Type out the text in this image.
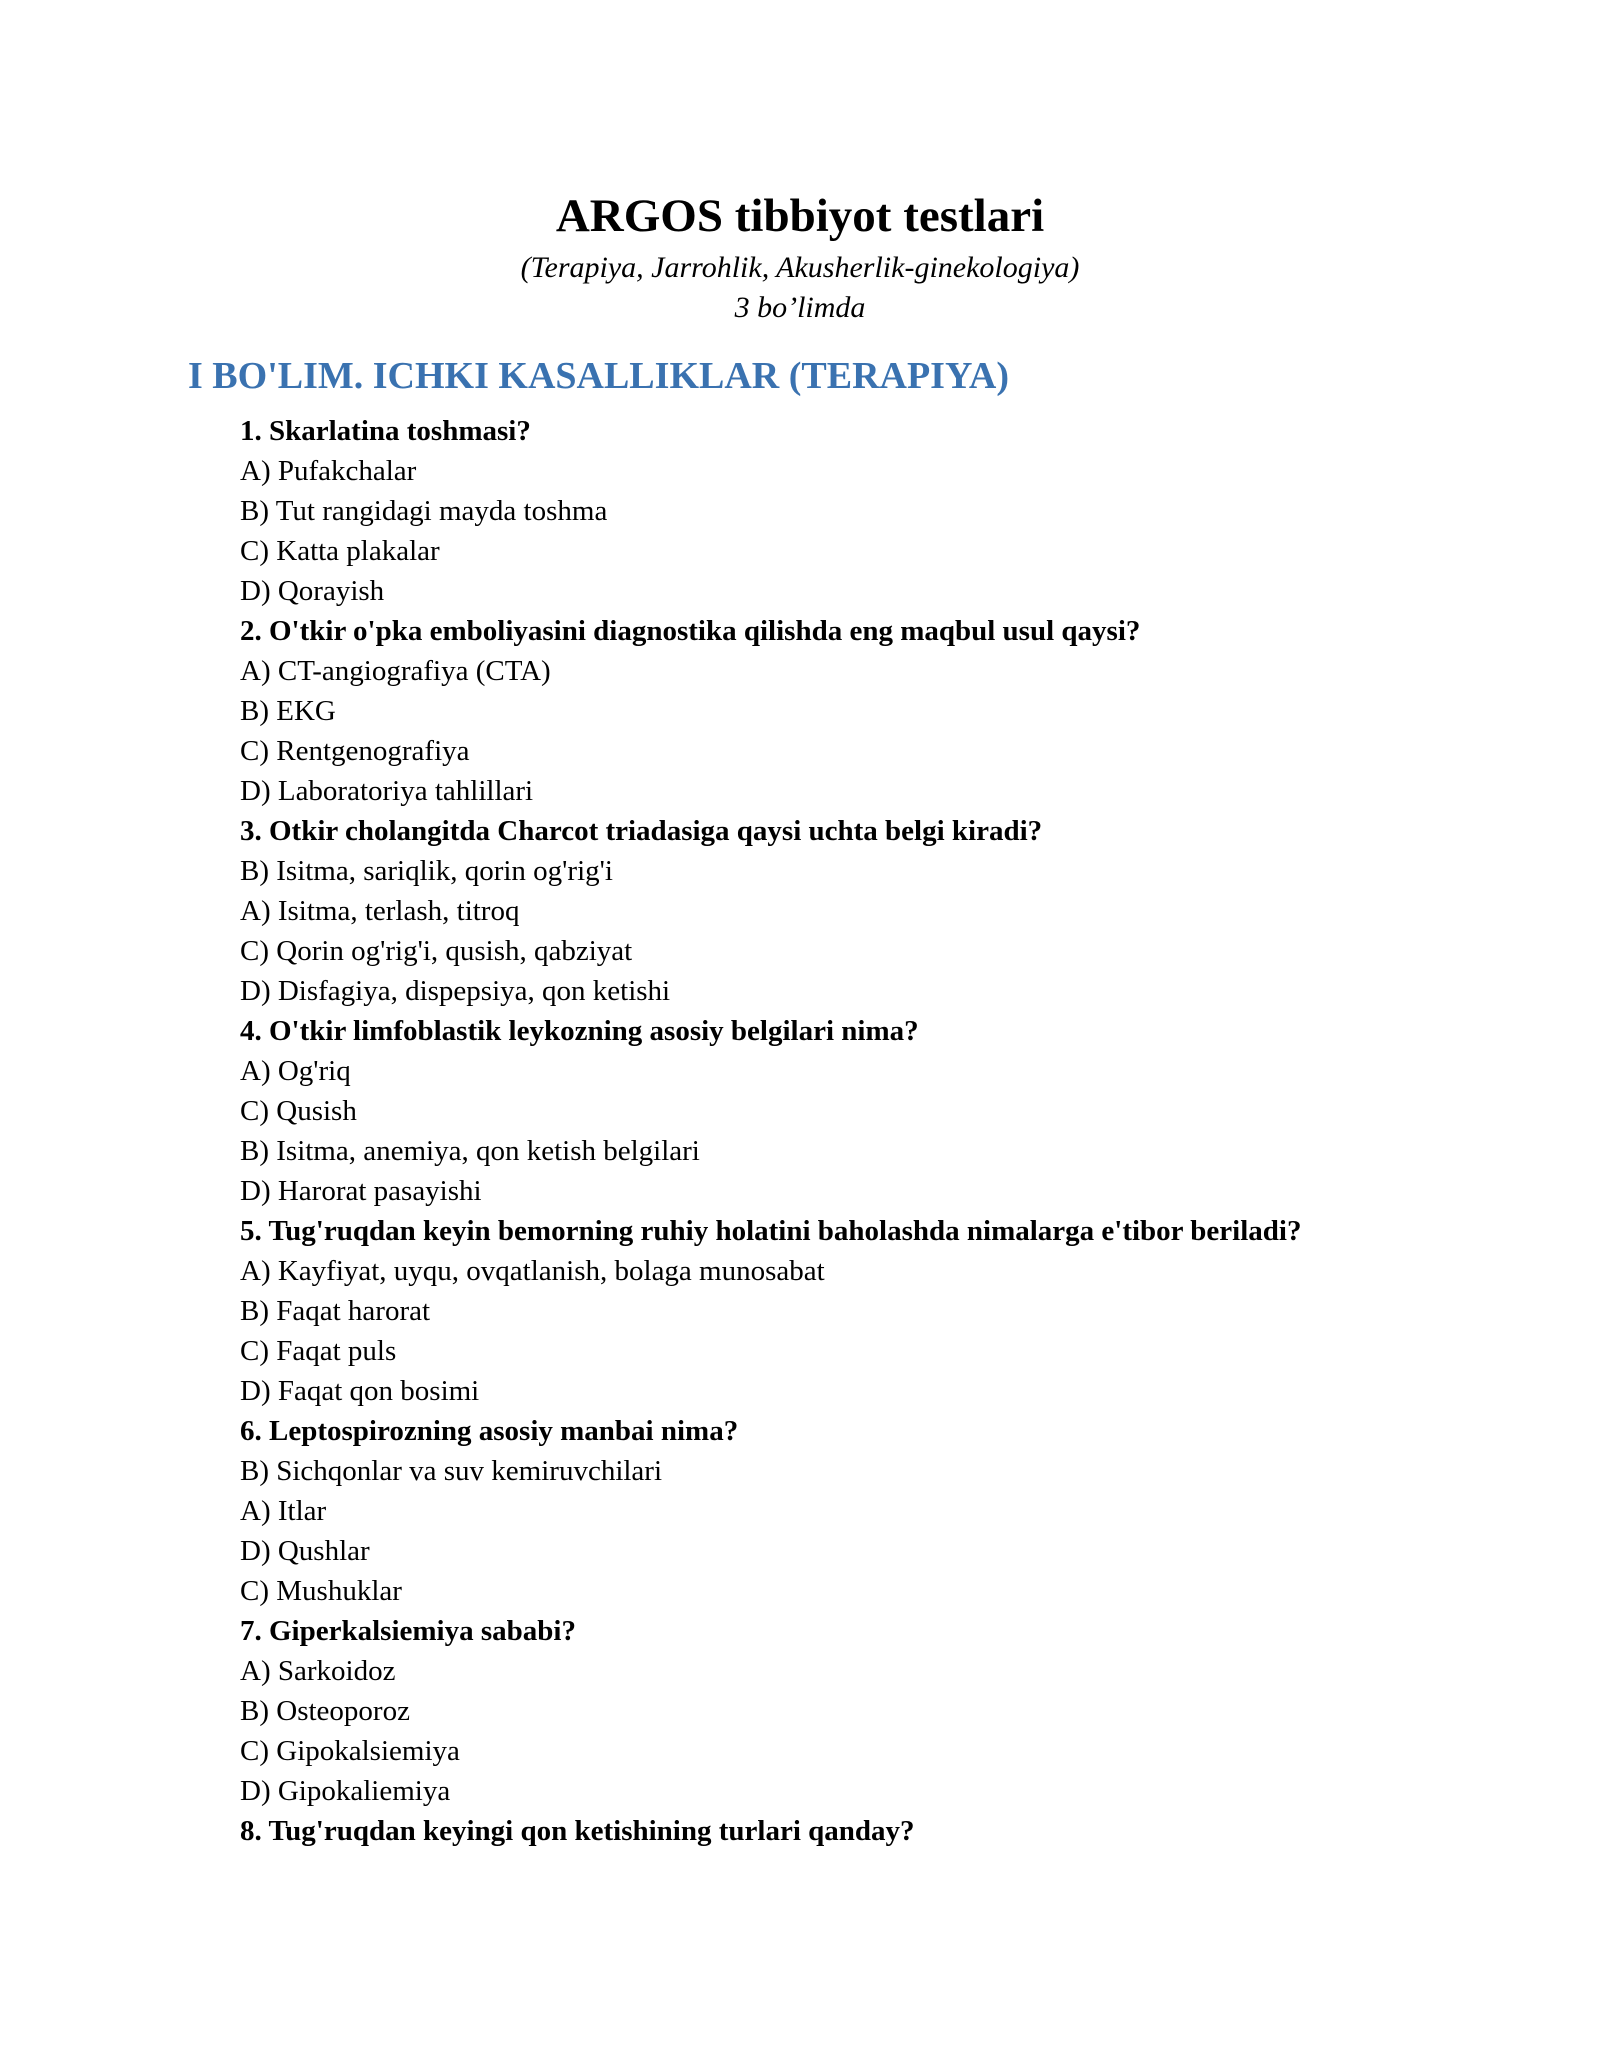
ARGOS tibbiyot testlari
(Terapiya, Jarrohlik, Akusherlik-ginekologiya)
3 bo’limda
I BO'LIM. ICHKI KASALLIKLAR (TERAPIYA)
1. Skarlatina toshmasi?
A) Pufakchalar
B) Tut rangidagi mayda toshma
C) Katta plakalar
D) Qorayish
2. O'tkir o'pka emboliyasini diagnostika qilishda eng maqbul usul qaysi?
A) CT-angiografiya (CTA)
B) EKG
C) Rentgenografiya
D) Laboratoriya tahlillari
3. Otkir cholangitda Charcot triadasiga qaysi uchta belgi kiradi?
B) Isitma, sariqlik, qorin og'rig'i
A) Isitma, terlash, titroq
C) Qorin og'rig'i, qusish, qabziyat
D) Disfagiya, dispepsiya, qon ketishi
4. O'tkir limfoblastik leykozning asosiy belgilari nima?
A) Og'riq
C) Qusish
B) Isitma, anemiya, qon ketish belgilari
D) Harorat pasayishi
5. Tug'ruqdan keyin bemorning ruhiy holatini baholashda nimalarga e'tibor beriladi?
A) Kayfiyat, uyqu, ovqatlanish, bolaga munosabat
B) Faqat harorat
C) Faqat puls
D) Faqat qon bosimi
6. Leptospirozning asosiy manbai nima?
B) Sichqonlar va suv kemiruvchilari
A) Itlar
D) Qushlar
C) Mushuklar
7. Giperkalsiemiya sababi?
A) Sarkoidoz
B) Osteoporoz
C) Gipokalsiemiya
D) Gipokaliemiya
8. Tug'ruqdan keyingi qon ketishining turlari qanday?
